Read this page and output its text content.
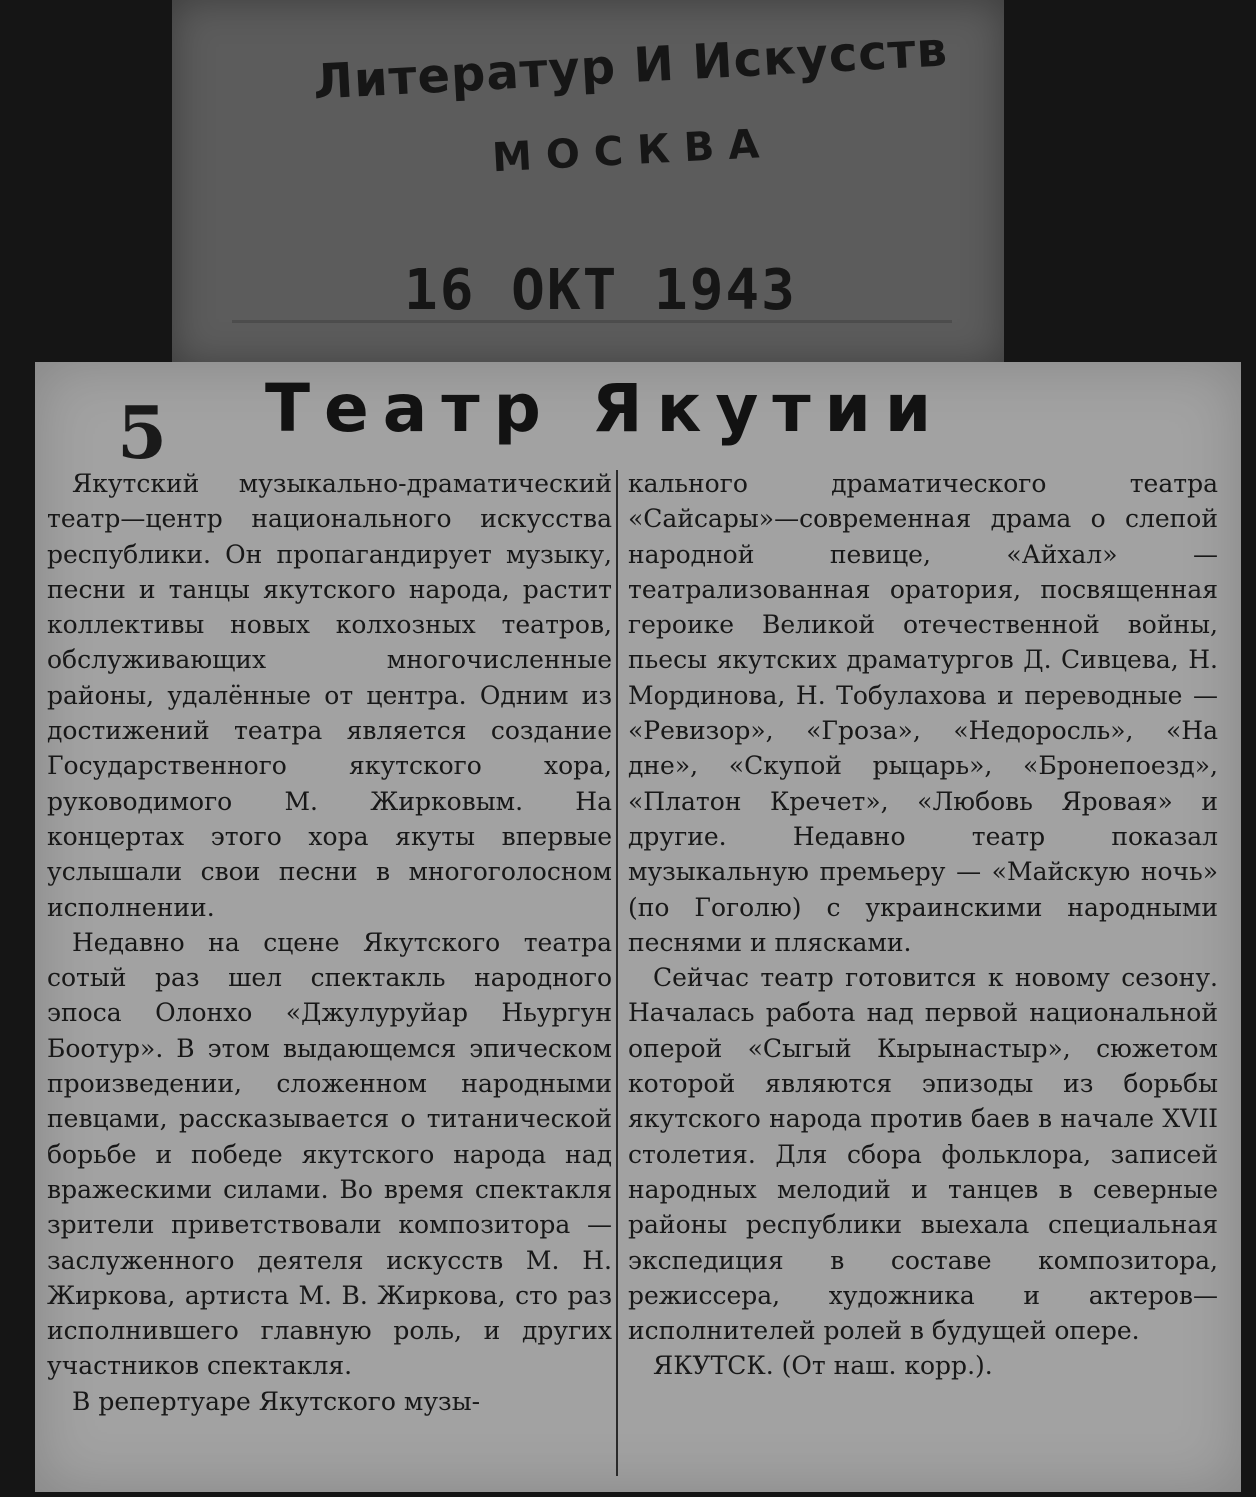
Литератур И Искусств
МОСКВА
16 ОКТ 1943
5 Театр Якутии

Якутский музыкально-драматический театр—центр национального искусства республики. Он пропагандирует музыку, песни и танцы якутского народа, растит коллективы новых колхозных театров, обслуживающих многочисленные районы, удалённые от центра. Одним из достижений театра является создание Государственного якутского хора, руководимого М. Жирковым. На концертах этого хора якуты впервые услышали свои песни в многоголосном исполнении.

Недавно на сцене Якутского театра сотый раз шел спектакль народного эпоса Олонхо «Джулуруйар Ньургун Боотур». В этом выдающемся эпическом произведении, сложенном народными певцами, рассказывается о титанической борьбе и победе якутского народа над вражескими силами. Во время спектакля зрители приветствовали композитора — заслуженного деятеля искусств М. Н. Жиркова, артиста М. В. Жиркова, сто раз исполнившего главную роль, и других участников спектакля.

В репертуаре Якутского музы-

кального драматического театра «Сайсары»—современная драма о слепой народной певице, «Айхал» — театрализованная оратория, посвященная героике Великой отечественной войны, пьесы якутских драматургов Д. Сивцева, Н. Мординова, Н. Тобулахова и переводные — «Ревизор», «Гроза», «Недоросль», «На дне», «Скупой рыцарь», «Бронепоезд», «Платон Кречет», «Любовь Яровая» и другие. Недавно театр показал музыкальную премьеру — «Майскую ночь» (по Гоголю) с украинскими народными песнями и плясками.

Сейчас театр готовится к новому сезону. Началась работа над первой национальной оперой «Сыгый Кырынастыр», сюжетом которой являются эпизоды из борьбы якутского народа против баев в начале XVII столетия. Для сбора фольклора, записей народных мелодий и танцев в северные районы республики выехала специальная экспедиция в составе композитора, режиссера, художника и актеров—исполнителей ролей в будущей опере.

ЯКУТСК. (От наш. корр.).
